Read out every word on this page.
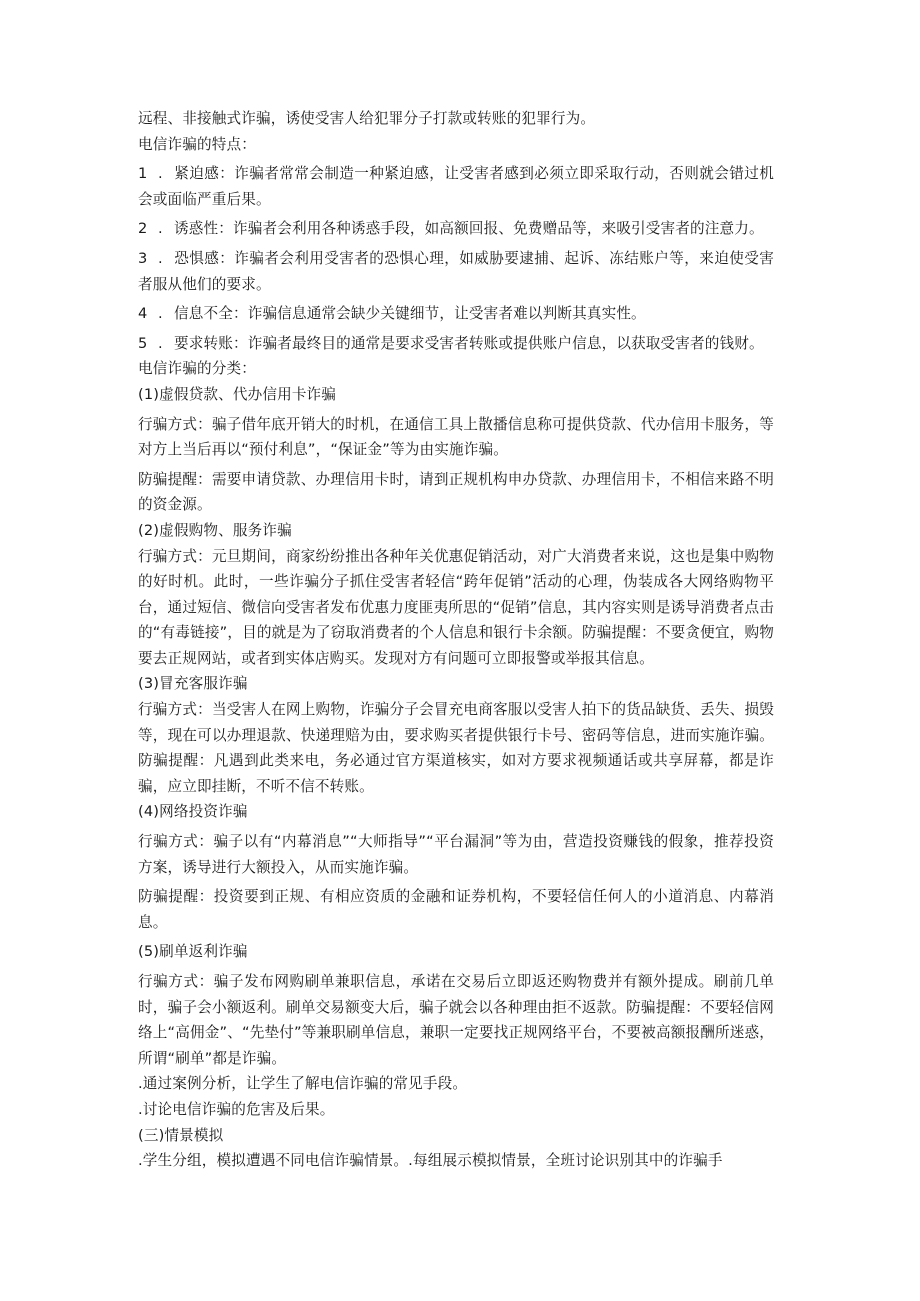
远程、非接触式诈骗，诱使受害人给犯罪分子打款或转账的犯罪行为。

电信诈骗的特点：

1 . 紧迫感：诈骗者常常会制造一种紧迫感，让受害者感到必须立即采取行动，否则就会错过机会或面临严重后果。

2 . 诱惑性：诈骗者会利用各种诱惑手段，如高额回报、免费赠品等，来吸引受害者的注意力。

3 . 恐惧感：诈骗者会利用受害者的恐惧心理，如威胁要逮捕、起诉、冻结账户等，来迫使受害者服从他们的要求。

4 . 信息不全：诈骗信息通常会缺少关键细节，让受害者难以判断其真实性。

5 . 要求转账：诈骗者最终目的通常是要求受害者转账或提供账户信息，以获取受害者的钱财。

电信诈骗的分类：

(1)虚假贷款、代办信用卡诈骗

行骗方式：骗子借年底开销大的时机，在通信工具上散播信息称可提供贷款、代办信用卡服务，等对方上当后再以“预付利息”，“保证金”等为由实施诈骗。

防骗提醒：需要申请贷款、办理信用卡时，请到正规机构申办贷款、办理信用卡，不相信来路不明的资金源。

(2)虚假购物、服务诈骗

行骗方式：元旦期间，商家纷纷推出各种年关优惠促销活动，对广大消费者来说，这也是集中购物的好时机。此时，一些诈骗分子抓住受害者轻信“跨年促销”活动的心理，伪装成各大网络购物平台，通过短信、微信向受害者发布优惠力度匪夷所思的“促销”信息，其内容实则是诱导消费者点击的“有毒链接”，目的就是为了窃取消费者的个人信息和银行卡余额。防骗提醒：不要贪便宜，购物要去正规网站，或者到实体店购买。发现对方有问题可立即报警或举报其信息。

(3)冒充客服诈骗

行骗方式：当受害人在网上购物，诈骗分子会冒充电商客服以受害人拍下的货品缺货、丢失、损毁等，现在可以办理退款、快递理赔为由，要求购买者提供银行卡号、密码等信息，进而实施诈骗。防骗提醒：凡遇到此类来电，务必通过官方渠道核实，如对方要求视频通话或共享屏幕，都是诈骗，应立即挂断，不听不信不转账。

(4)网络投资诈骗

行骗方式：骗子以有“内幕消息”“大师指导”“平台漏洞”等为由，营造投资赚钱的假象，推荐投资方案，诱导进行大额投入，从而实施诈骗。

防骗提醒：投资要到正规、有相应资质的金融和证券机构，不要轻信任何人的小道消息、内幕消息。

(5)刷单返利诈骗

行骗方式：骗子发布网购刷单兼职信息，承诺在交易后立即返还购物费并有额外提成。刷前几单时，骗子会小额返利。刷单交易额变大后，骗子就会以各种理由拒不返款。防骗提醒：不要轻信网络上“高佣金”、“先垫付”等兼职刷单信息，兼职一定要找正规网络平台，不要被高额报酬所迷惑，所谓“刷单”都是诈骗。

.通过案例分析，让学生了解电信诈骗的常见手段。

.讨论电信诈骗的危害及后果。

(三)情景模拟

.学生分组，模拟遭遇不同电信诈骗情景。.每组展示模拟情景，全班讨论识别其中的诈骗手
